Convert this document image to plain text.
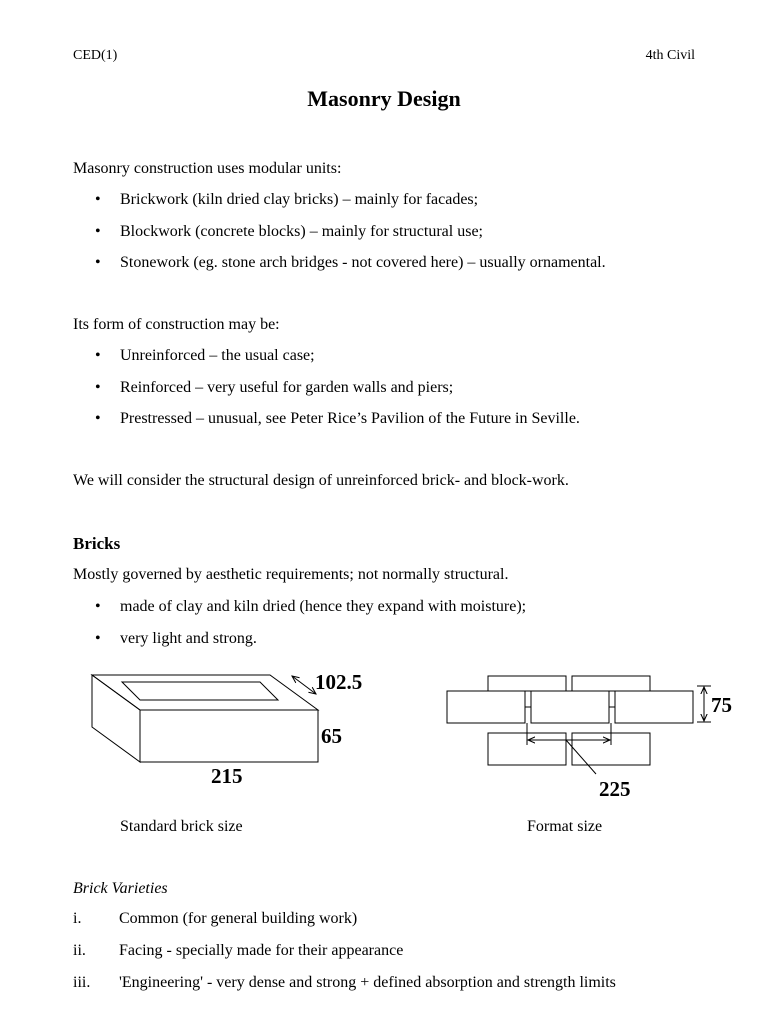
CED(1)	4th Civil
Masonry Design
Masonry construction uses modular units:
• Brickwork (kiln dried clay bricks) – mainly for facades;
• Blockwork (concrete blocks) – mainly for structural use;
• Stonework (eg. stone arch bridges - not covered here) – usually ornamental.
Its form of construction may be:
• Unreinforced – the usual case;
• Reinforced – very useful for garden walls and piers;
• Prestressed – unusual, see Peter Rice’s Pavilion of the Future in Seville.
We will consider the structural design of unreinforced brick- and block-work.
Bricks
Mostly governed by aesthetic requirements; not normally structural.
• made of clay and kiln dried (hence they expand with moisture);
• very light and strong.
102.5
65
215
75
225
Standard brick size	Format size
Brick Varieties
i. Common (for general building work)
ii. Facing - specially made for their appearance
iii. 'Engineering' - very dense and strong + defined absorption and strength limits
